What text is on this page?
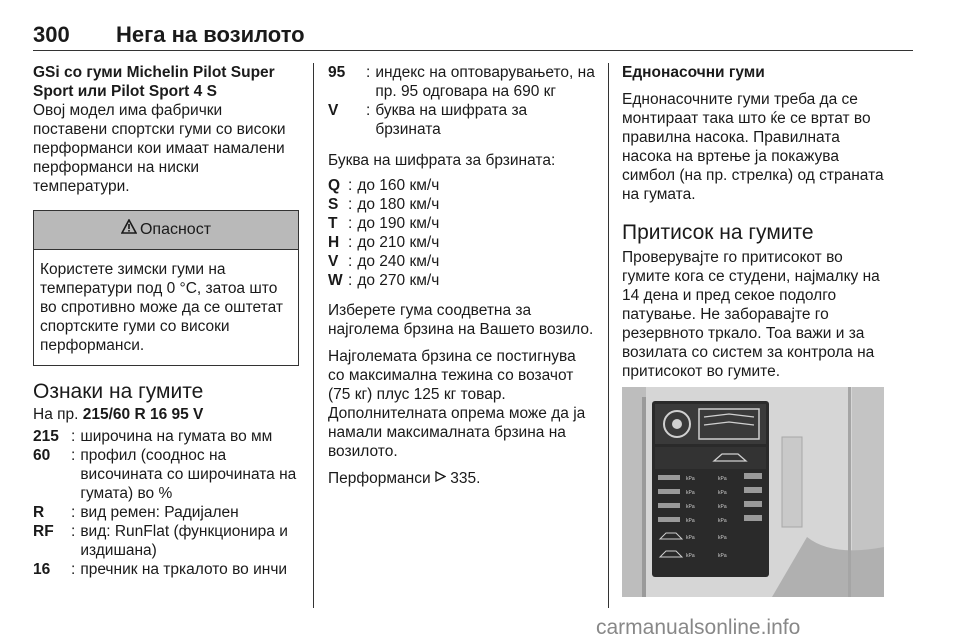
300 Нега на возилото

GSi со гуми Michelin Pilot Super Sport или Pilot Sport 4 S

Овој модел има фабрички поставени спортски гуми со високи перформанси кои имаат намалени перформанси на ниски температури.

Опасност
Користете зимски гуми на температури под 0 °C, затоа што во спротивно може да се оштетат спортските гуми со високи перформанси.
Ознаки на гумите

На пр. 215/60 R 16 95 V

215 : широчина на гумата во мм
60	: профил (соодноc на височината со широчината на гумата) во %
R	: вид ремен: Радијален
RF	: вид: RunFlat (функционира и издишана)
16	: пречник на тркалото во инчи
95	: индекс на оптоварувањето, на пр. 95 одговара на 690 кг
V	: буква на шифрата за брзината

Буква на шифрата за брзината:

Q : до 160 км/ч
S : до 180 км/ч
T : до 190 км/ч
H : до 210 км/ч
V : до 240 км/ч
W : до 270 км/ч

Изберете гума соодветна за најголема брзина на Вашето возило.

Најголемата брзина се постигнува со максимална тежина со возачот (75 кг) плус 125 кг товар. Дополнителната опрема може да ја намали максималната брзина на возилото.

Перформанси  335.

Еднонасочни гуми

Еднонасочните гуми треба да се монтираат така што ќе се вртат во правилна насока. Правилната насока на вртење ја покажува симбол (на пр. стрелка) од страната на гумата.

Притисок на гумите

Проверувајте го притисокот во гумите кога се студени, најмалку на 14 дена и пред секое подолго патување. Не заборавајте го резервното тркало. Тоа важи и за возилата со систем за контрола на притисокот во гумите.

kPa	kPa
kPa	kPa
kPa	kPa
kPa	kPa
kPa	kPa
kPa	kPa
carmanualsonline.info
